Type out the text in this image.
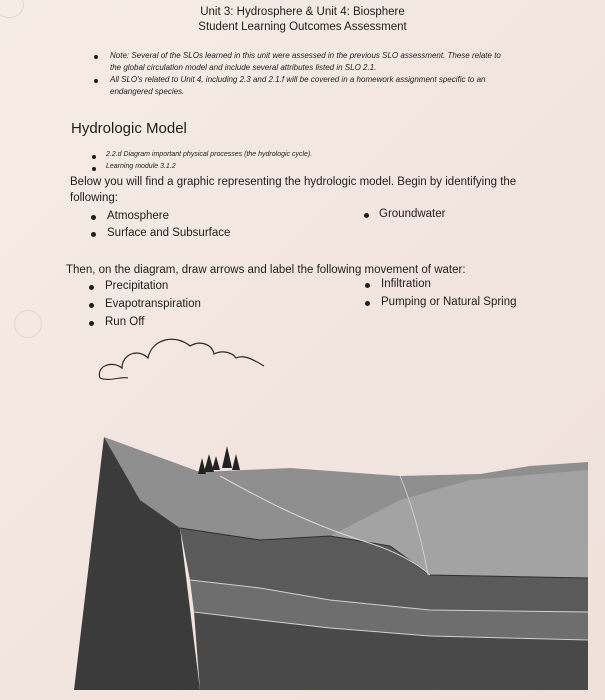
Unit 3: Hydrosphere & Unit 4: Biosphere
Student Learning Outcomes Assessment
Note: Several of the SLOs learned in this unit were assessed in the previous SLO assessment. These relate to
the global circulation model and include several attributes listed in SLO 2.1.
All SLO's related to Unit 4, including 2.3 and 2.1.f will be covered in a homework assignment specific to an
endangered species.
Hydrologic Model
2.2.d Diagram important physical processes (the hydrologic cycle).
Learning module 3.1.2
Below you will find a graphic representing the hydrologic model. Begin by identifying the
following:
Atmosphere
Surface and Subsurface
Groundwater
Then, on the diagram, draw arrows and label the following movement of water:
Precipitation
Evapotranspiration
Run Off
Infiltration
Pumping or Natural Spring
